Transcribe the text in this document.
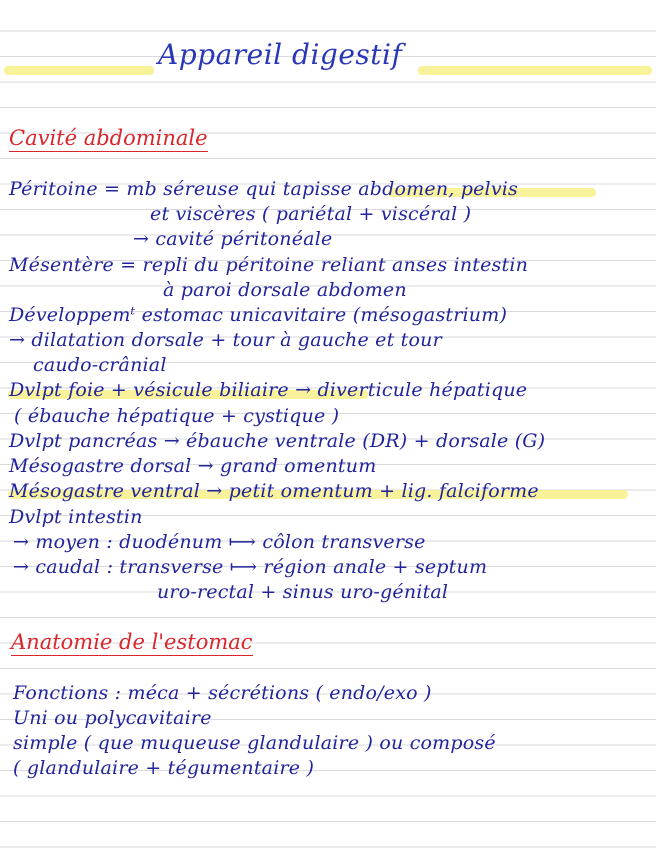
Appareil digestif
Cavité abdominale
Péritoine = mb séreuse qui tapisse abdomen, pelvis
et viscères ( pariétal + viscéral )
→ cavité péritonéale
Mésentère = repli du péritoine reliant anses intestin
à paroi dorsale abdomen
Développemᵗ estomac unicavitaire (mésogastrium)
→ dilatation dorsale + tour à gauche et tour
caudo-crânial
Dvlpt foie + vésicule biliaire → diverticule hépatique
( ébauche hépatique + cystique )
Dvlpt pancréas → ébauche ventrale (DR) + dorsale (G)
Mésogastre dorsal → grand omentum
Mésogastre ventral → petit omentum + lig. falciforme
Dvlpt intestin
→ moyen : duodénum ⟼ côlon transverse
→ caudal : transverse ⟼ région anale + septum
uro-rectal + sinus uro-génital
Anatomie de l'estomac
Fonctions : méca + sécrétions ( endo/exo )
Uni ou polycavitaire
simple ( que muqueuse glandulaire ) ou composé
( glandulaire + tégumentaire )
